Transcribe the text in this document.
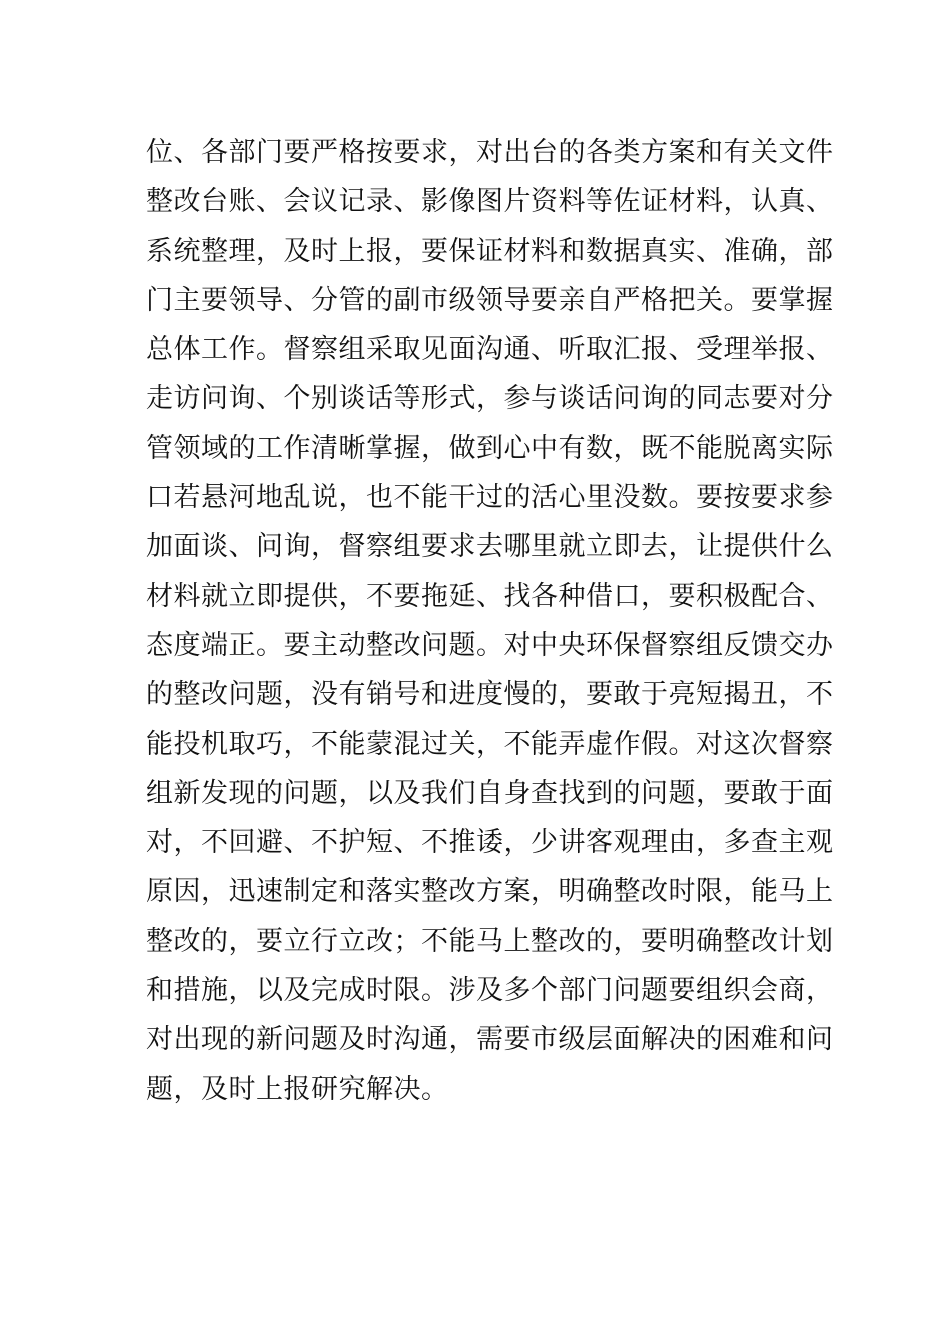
位、各部门要严格按要求，对出台的各类方案和有关文件
整改台账、会议记录、影像图片资料等佐证材料，认真、
系统整理，及时上报，要保证材料和数据真实、准确，部
门主要领导、分管的副市级领导要亲自严格把关。要掌握
总体工作。督察组采取见面沟通、听取汇报、受理举报、
走访问询、个别谈话等形式，参与谈话问询的同志要对分
管领域的工作清晰掌握，做到心中有数，既不能脱离实际
口若悬河地乱说，也不能干过的活心里没数。要按要求参
加面谈、问询，督察组要求去哪里就立即去，让提供什么
材料就立即提供，不要拖延、找各种借口，要积极配合、
态度端正。要主动整改问题。对中央环保督察组反馈交办
的整改问题，没有销号和进度慢的，要敢于亮短揭丑，不
能投机取巧，不能蒙混过关，不能弄虚作假。对这次督察
组新发现的问题，以及我们自身查找到的问题，要敢于面
对，不回避、不护短、不推诿，少讲客观理由，多查主观
原因，迅速制定和落实整改方案，明确整改时限，能马上
整改的，要立行立改；不能马上整改的，要明确整改计划
和措施，以及完成时限。涉及多个部门问题要组织会商，
对出现的新问题及时沟通，需要市级层面解决的困难和问
题，及时上报研究解决。
